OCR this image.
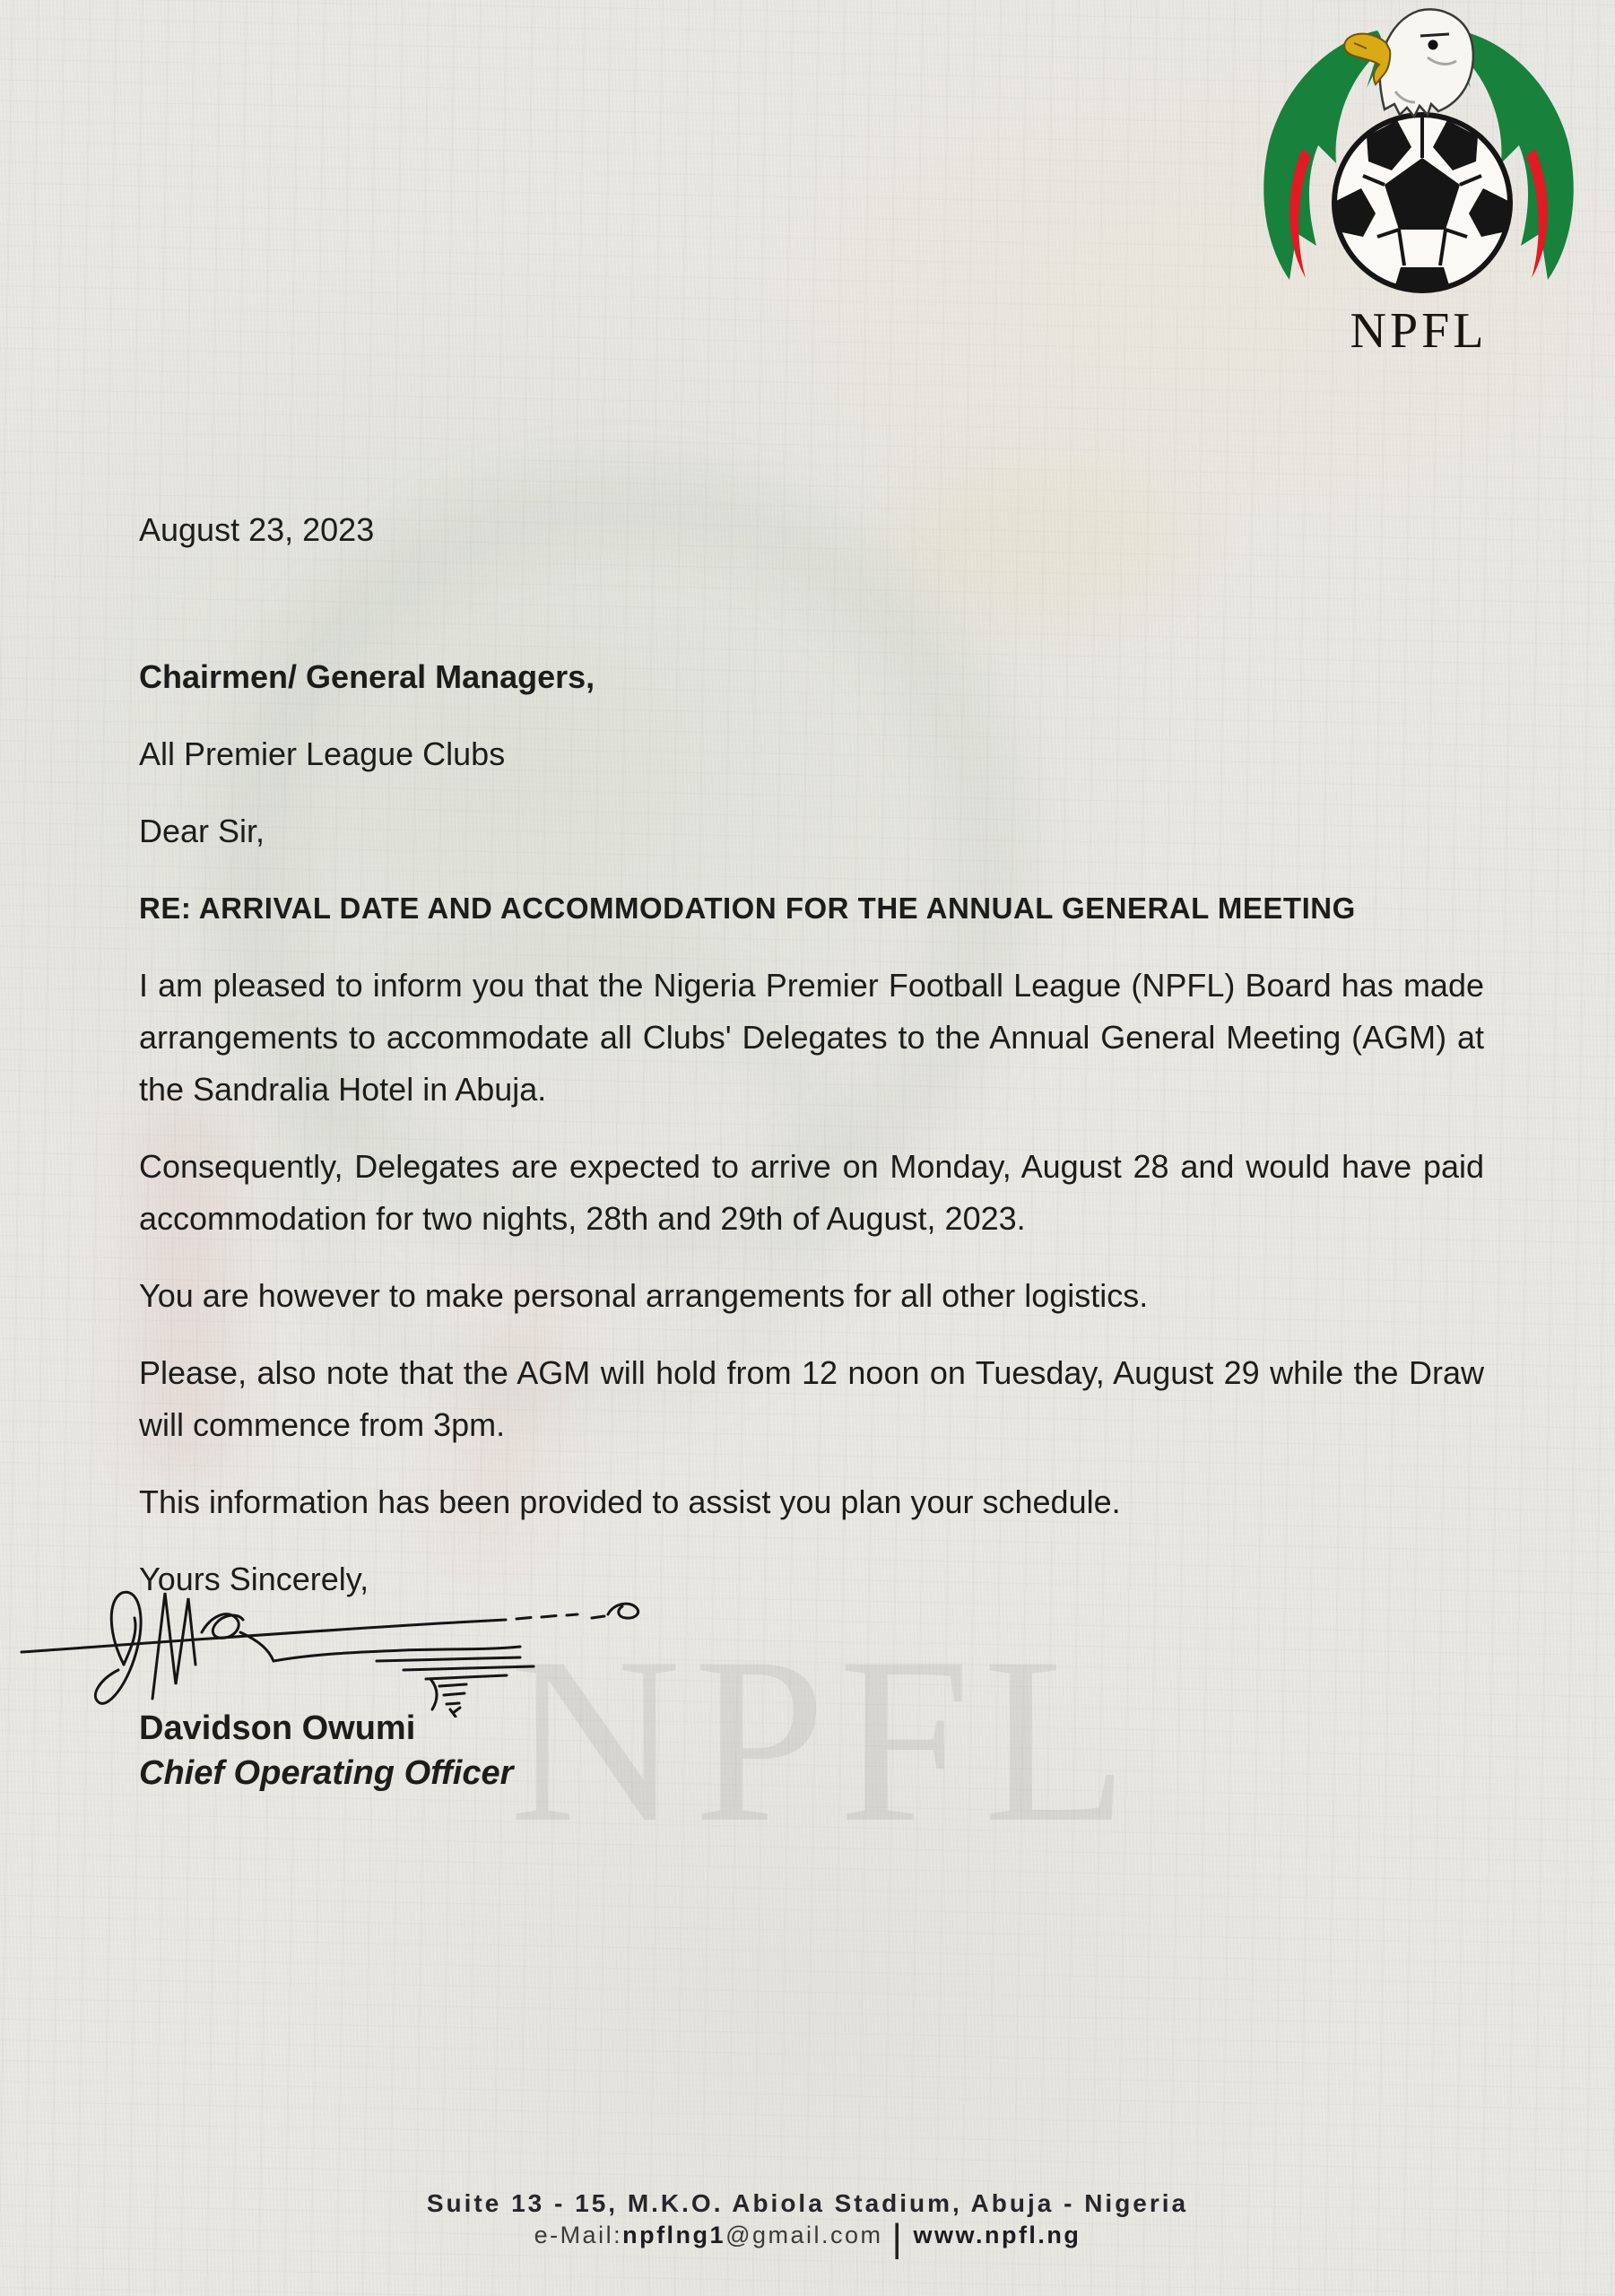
NPFL
NPFL

August 23, 2023

Chairmen/ General Managers,

All Premier League Clubs

Dear Sir,

RE: ARRIVAL DATE AND ACCOMMODATION FOR THE ANNUAL GENERAL MEETING

I am pleased to inform you that the Nigeria Premier Football League (NPFL) Board has made arrangements to accommodate all Clubs' Delegates to the Annual General Meeting (AGM) at the Sandralia Hotel in Abuja.

Consequently, Delegates are expected to arrive on Monday, August 28 and would have paid accommodation for two nights, 28th and 29th of August, 2023.

You are however to make personal arrangements for all other logistics.

Please, also note that the AGM will hold from 12 noon on Tuesday, August 29 while the Draw will commence from 3pm.

This information has been provided to assist you plan your schedule.

Yours Sincerely,

Davidson Owumi

Chief Operating Officer

Suite 13 - 15, M.K.O. Abiola Stadium, Abuja - Nigeria
e-Mail:npflng1@gmail.com | www.npfl.ng
